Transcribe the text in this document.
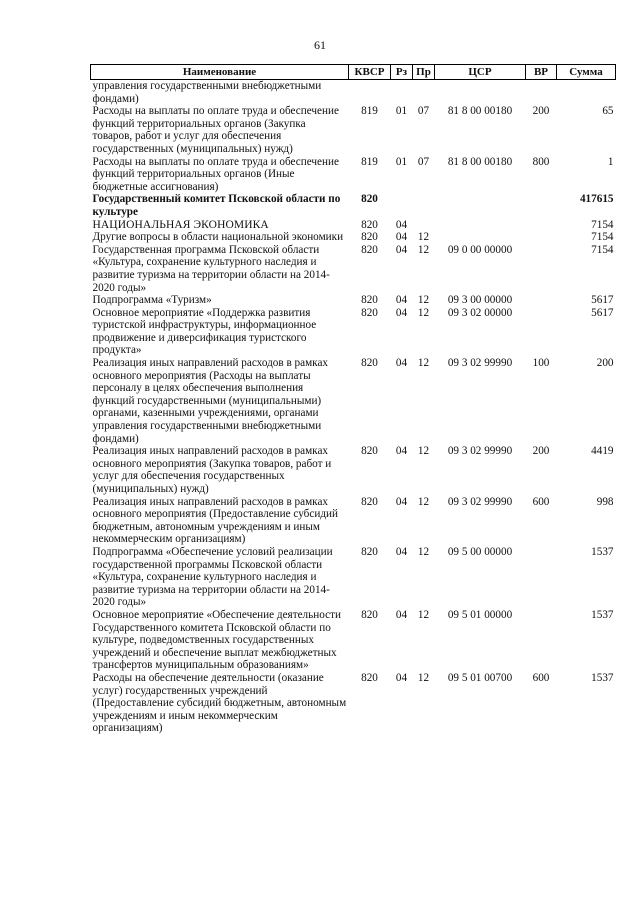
61
Наименование	КВСР	Рз	Пр	ЦСР	ВР	Сумма
управления государственными внебюджетными фондами)						
Расходы на выплаты по оплате труда и обеспечение функций территориальных органов (Закупка товаров, работ и услуг для обеспечения государственных (муниципальных) нужд)	819	01	07	81 8 00 00180	200	65
Расходы на выплаты по оплате труда и обеспечение функций территориальных органов (Иные бюджетные ассигнования)	819	01	07	81 8 00 00180	800	1
Государственный комитет Псковской области по культуре	820					417615
НАЦИОНАЛЬНАЯ ЭКОНОМИКА	820	04				7154
Другие вопросы в области национальной экономики	820	04	12			7154
Государственная программа Псковской области «Культура, сохранение культурного наследия и развитие туризма на территории области на 2014-2020 годы»	820	04	12	09 0 00 00000		7154
Подпрограмма «Туризм»	820	04	12	09 3 00 00000		5617
Основное мероприятие «Поддержка развития туристской инфраструктуры, информационное продвижение и диверсификация туристского продукта»	820	04	12	09 3 02 00000		5617
Реализация иных направлений расходов в рамках основного мероприятия (Расходы на выплаты персоналу в целях обеспечения выполнения функций государственными (муниципальными) органами, казенными учреждениями, органами управления государственными внебюджетными фондами)	820	04	12	09 3 02 99990	100	200
Реализация иных направлений расходов в рамках основного мероприятия (Закупка товаров, работ и услуг для обеспечения государственных (муниципальных) нужд)	820	04	12	09 3 02 99990	200	4419
Реализация иных направлений расходов в рамках основного мероприятия (Предоставление субсидий бюджетным, автономным учреждениям и иным некоммерческим организациям)	820	04	12	09 3 02 99990	600	998
Подпрограмма «Обеспечение условий реализации государственной программы Псковской области «Культура, сохранение культурного наследия и развитие туризма на территории области на 2014-2020 годы»	820	04	12	09 5 00 00000		1537
Основное мероприятие «Обеспечение деятельности Государственного комитета Псковской области по культуре, подведомственных государственных учреждений и обеспечение выплат межбюджетных трансфертов муниципальным образованиям»	820	04	12	09 5 01 00000		1537
Расходы на обеспечение деятельности (оказание услуг) государственных учреждений (Предоставление субсидий бюджетным, автономным учреждениям и иным некоммерческим организациям)	820	04	12	09 5 01 00700	600	1537
